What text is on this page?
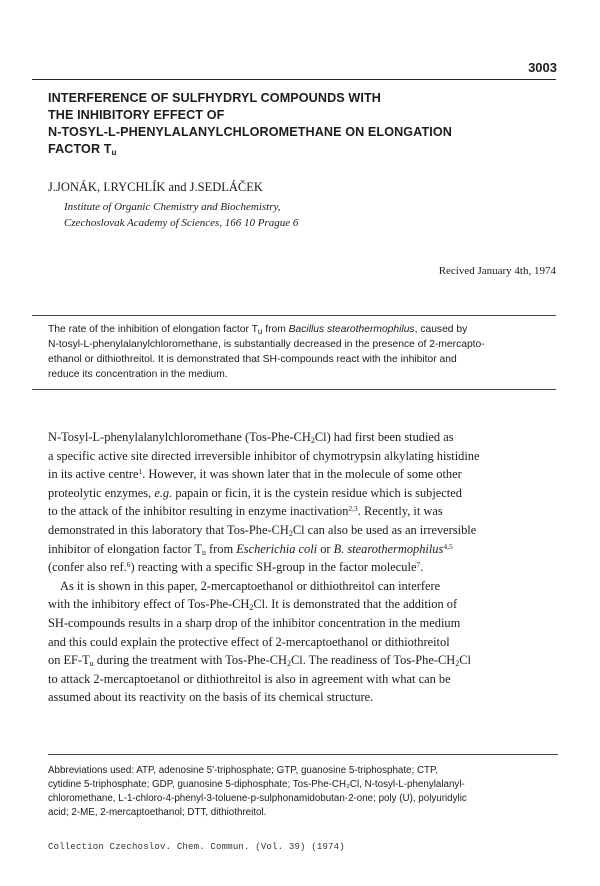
3003
INTERFERENCE OF SULFHYDRYL COMPOUNDS WITH
THE INHIBITORY EFFECT OF
N-TOSYL-L-PHENYLALANYLCHLOROMETHANE ON ELONGATION
FACTOR $T_u$
J.JONÁK, I.RYCHLÍK and J.SEDLÁČEK
Institute of Organic Chemistry and Biochemistry,
Czechoslovak Academy of Sciences, 166 10 Prague 6
Recived January 4th, 1974
The rate of the inhibition of elongation factor $T_u$ from Bacillus stearothermophilus, caused by
N-tosyl-L-phenylalanylchloromethane, is substantially decreased in the presence of 2-mercapto-
ethanol or dithiothreitol. It is demonstrated that SH-compounds react with the inhibitor and
reduce its concentration in the medium.
N-Tosyl-L-phenylalanylchloromethane $(Tos-Phe-CH_2Cl)$ had first been studied as
a specific active site directed irreversible inhibitor of chymotrypsin alkylating histidine
in its active centre$^1$. However, it was shown later that in the molecule of some other
proteolytic enzymes, e.g. papain or ficin, it is the cystein residue which is subjected
to the attack of the inhibitor resulting in enzyme inactivation$^{2,3}$. Recently, it was
demonstrated in this laboratory that Tos-$Phe-CH_2Cl$ can also be used as an irreversible
inhibitor of elongation factor $T_u$ from Escherichia coli or B. stearothermophilus$^{4,5}$
(confer also ref.$^6$) reacting with a specific SH-group in the factor molecule$^7$.
As it is shown in this paper, 2-mercaptoethanol or dithiothreitol can interfere
with the inhibitory effect of Tos-$Phe-CH_2Cl$. It is demonstrated that the addition of
SH-compounds results in a sharp drop of the inhibitor concentration in the medium
and this could explain the protective effect of 2-mercaptoethanol or dithiothreitol
on $EF-T_u$ during the treatment with Tos-$Phe-CH_2Cl$. The readiness of Tos-$Phe-CH_2Cl$
to attack 2-mercaptoetanol or dithiothreitol is also in agreement with what can be
assumed about its reactivity on the basis of its chemical structure.
Abbreviations used: ATP, adenosine 5'-triphosphate; GTP, guanosine 5-triphosphate; CTP,
cytidine 5-triphosphate; GDP, guanosine 5-diphosphate; Tos-Phe-CH₂Cl, N-tosyl-L-phenylalanyl-
chloromethane, L-1-chloro-4-phenyl-3-toluene-p-sulphonamidobutan-2-one; poly (U), polyuridylic
acid; 2-ME, 2-mercaptoethanol; DTT, dithiothreitol.
Collection Czechoslov. Chem. Commun. (Vol. 39) (1974)
